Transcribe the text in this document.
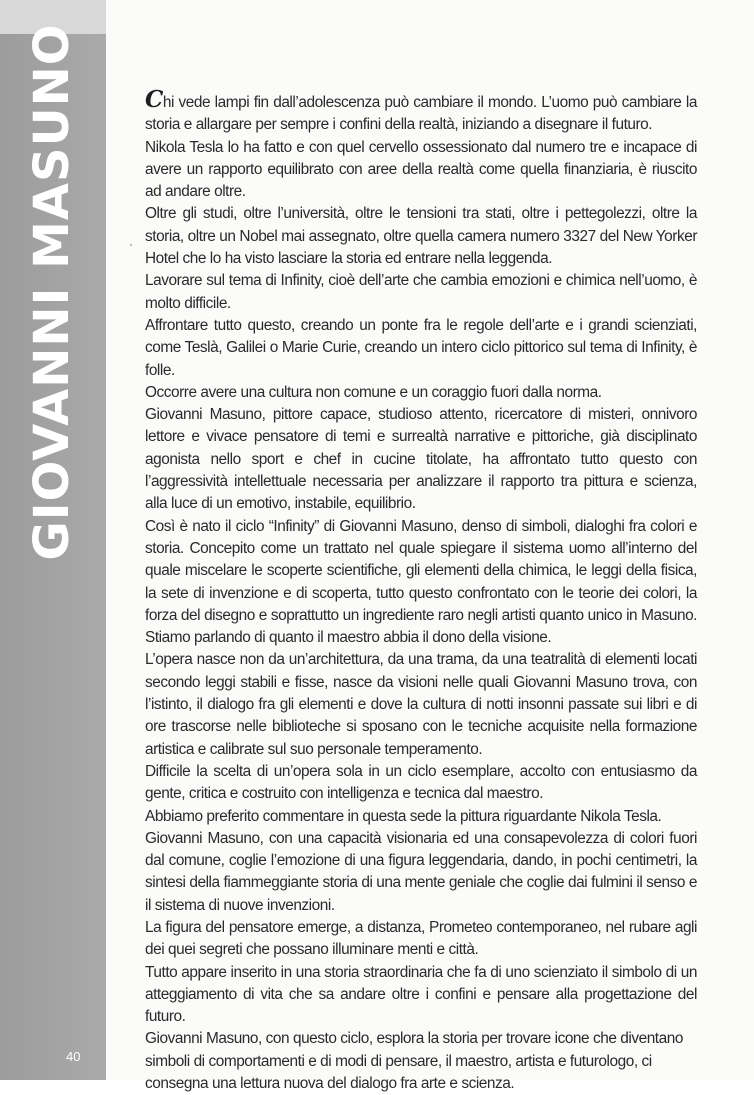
GIOVANNI MASUNO
40

Chi vede lampi fin dall’adolescenza può cambiare il mondo. L’uomo può cambiare la storia e allargare per sempre i confini della realtà, iniziando a disegnare il futuro.

Nikola Tesla lo ha fatto e con quel cervello ossessionato dal numero tre e incapace di avere un rapporto equilibrato con aree della realtà come quella finanziaria, è riuscito ad andare oltre.

Oltre gli studi, oltre l’università, oltre le tensioni tra stati, oltre i pettegolezzi, oltre la storia, oltre un Nobel mai assegnato, oltre quella camera numero 3327 del New Yorker Hotel che lo ha visto lasciare la storia ed entrare nella leggenda.

Lavorare sul tema di Infinity, cioè dell’arte che cambia emozioni e chimica nell’uomo, è molto difficile.

Affrontare tutto questo, creando un ponte fra le regole dell’arte e i grandi scienziati, come Teslà, Galilei o Marie Curie, creando un intero ciclo pittorico sul tema di Infinity, è folle.

Occorre avere una cultura non comune e un coraggio fuori dalla norma.

Giovanni Masuno, pittore capace, studioso attento, ricercatore di misteri, onnivoro lettore e vivace pensatore di temi e surrealtà narrative e pittoriche, già disciplinato agonista nello sport e chef in cucine titolate, ha affrontato tutto questo con l’aggressività intellettuale necessaria per analizzare il rapporto tra pittura e scienza, alla luce di un emotivo, instabile, equilibrio.

Così è nato il ciclo “Infinity” di Giovanni Masuno, denso di simboli, dialoghi fra colori e storia. Concepito come un trattato nel quale spiegare il sistema uomo all’interno del quale miscelare le scoperte scientifiche, gli elementi della chimica, le leggi della fisica, la sete di invenzione e di scoperta, tutto questo confrontato con le teorie dei colori, la forza del disegno e soprattutto un ingrediente raro negli artisti quanto unico in Masuno. Stiamo parlando di quanto il maestro abbia il dono della visione.

L’opera nasce non da un’architettura, da una trama, da una teatralità di elementi locati secondo leggi stabili e fisse, nasce da visioni nelle quali Giovanni Masuno trova, con l’istinto, il dialogo fra gli elementi e dove la cultura di notti insonni passate sui libri e di ore trascorse nelle biblioteche si sposano con le tecniche acquisite nella formazione artistica e calibrate sul suo personale temperamento.

Difficile la scelta di un’opera sola in un ciclo esemplare, accolto con entusiasmo da gente, critica e costruito con intelligenza e tecnica dal maestro.

Abbiamo preferito commentare in questa sede la pittura riguardante Nikola Tesla.

Giovanni Masuno, con una capacità visionaria ed una consapevolezza di colori fuori dal comune, coglie l’emozione di una figura leggendaria, dando, in pochi centimetri, la sintesi della fiammeggiante storia di una mente geniale che coglie dai fulmini il senso e il sistema di nuove invenzioni.

La figura del pensatore emerge, a distanza, Prometeo contemporaneo, nel rubare agli dei quei segreti che possano illuminare menti e città.

Tutto appare inserito in una storia straordinaria che fa di uno scienziato il simbolo di un atteggiamento di vita che sa andare oltre i confini e pensare alla progettazione del futuro.

Giovanni Masuno, con questo ciclo, esplora la storia per trovare icone che diventano simboli di comportamenti e di modi di pensare, il maestro, artista e futurologo, ci consegna una lettura nuova del dialogo fra arte e scienza.
